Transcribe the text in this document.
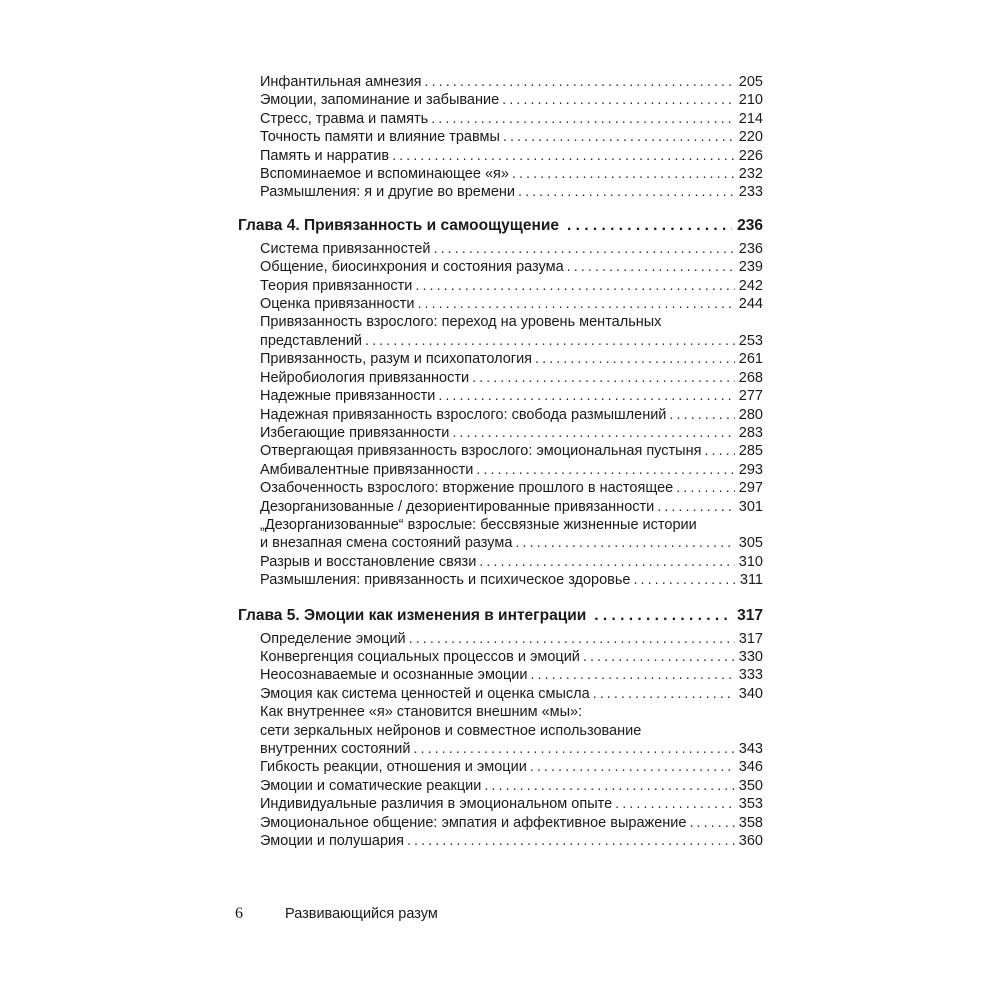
Инфантильная амнезия . . .	205
Эмоции, запоминание и забывание . . .	210
Стресс, травма и память . . .	214
Точность памяти и влияние травмы . . .	220
Память и нарратив . . .	226
Вспоминаемое и вспоминающее «я» . . .	232
Размышления: я и другие во времени . . .	233
Глава 4. Привязанность и самоощущение . . .	236
Система привязанностей . . .	236
Общение, биосинхрония и состояния разума . . .	239
Теория привязанности . . .	242
Оценка привязанности . . .	244
Привязанность взрослого: переход на уровень ментальных
представлений . . .	253
Привязанность, разум и психопатология . . .	261
Нейробиология привязанности . . .	268
Надежные привязанности . . .	277
Надежная привязанность взрослого: свобода размышлений . . .	280
Избегающие привязанности . . .	283
Отвергающая привязанность взрослого: эмоциональная пустыня . . .	285
Амбивалентные привязанности . . .	293
Озабоченность взрослого: вторжение прошлого в настоящее . . .	297
Дезорганизованные / дезориентированные привязанности . . .	301
„Дезорганизованные“ взрослые: бессвязные жизненные истории
и внезапная смена состояний разума . . .	305
Разрыв и восстановление связи . . .	310
Размышления: привязанность и психическое здоровье . . .	311
Глава 5. Эмоции как изменения в интеграции . . .	317
Определение эмоций . . .	317
Конвергенция социальных процессов и эмоций . . .	330
Неосознаваемые и осознанные эмоции . . .	333
Эмоция как система ценностей и оценка смысла . . .	340
Как внутреннее «я» становится внешним «мы»:
сети зеркальных нейронов и совместное использование
внутренних состояний . . .	343
Гибкость реакции, отношения и эмоции . . .	346
Эмоции и соматические реакции . . .	350
Индивидуальные различия в эмоциональном опыте . . .	353
Эмоциональное общение: эмпатия и аффективное выражение . . .	358
Эмоции и полушария . . .	360
6	Развивающийся разум
